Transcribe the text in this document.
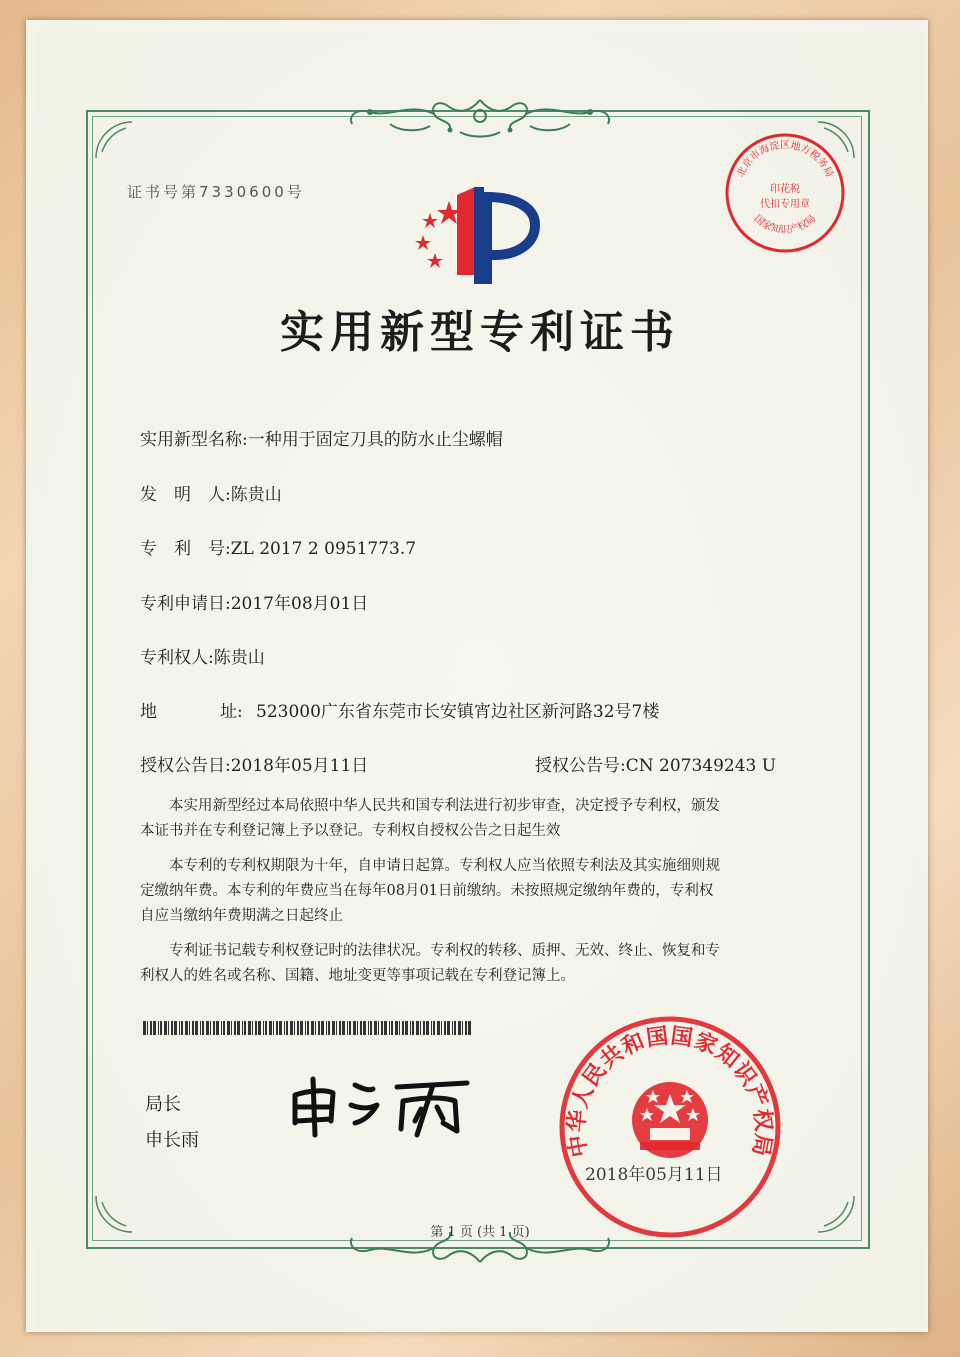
证书号第7330600号
北京市海淀区地方税务局
印花税
代扣专用章
国家知识产权局
实用新型专利证书
实用新型名称:一种用于固定刀具的防水止尘螺帽
发　明　人:陈贵山
专　利　号:ZL 2017 2 0951773.7
专利申请日:2017年08月01日
专利权人:陈贵山
地	址: 523000广东省东莞市长安镇宵边社区新河路32号7楼
授权公告日:2018年05月11日	授权公告号:CN 207349243 U

本实用新型经过本局依照中华人民共和国专利法进行初步审查，决定授予专利权，颁发

本证书并在专利登记簿上予以登记。专利权自授权公告之日起生效

本专利的专利权期限为十年，自申请日起算。专利权人应当依照专利法及其实施细则规

定缴纳年费。本专利的年费应当在每年08月01日前缴纳。未按照规定缴纳年费的，专利权

自应当缴纳年费期满之日起终止

专利证书记载专利权登记时的法律状况。专利权的转移、质押、无效、终止、恢复和专

利权人的姓名或名称、国籍、地址变更等事项记载在专利登记簿上。

局长
申长雨	中华人民共和国国家知识产权局
2018年05月11日
第 1 页 (共 1 页)
